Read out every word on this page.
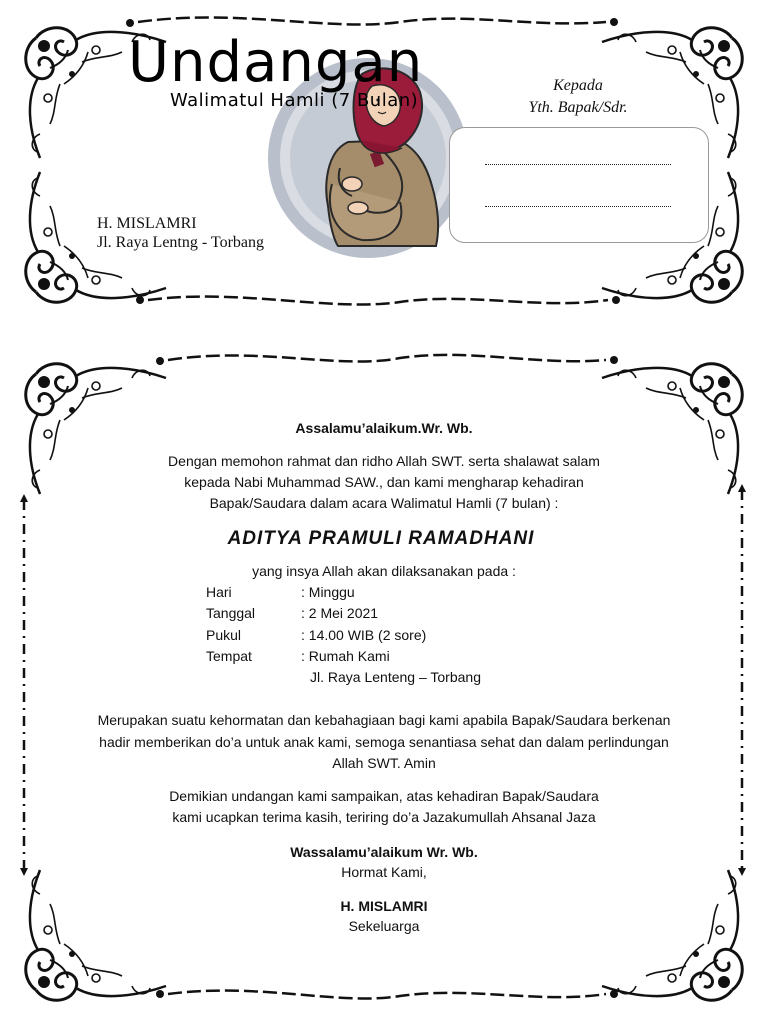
Undangan
Walimatul Hamli (7 Bulan)
H. MISLAMRI
Jl. Raya Lentng - Torbang
Kepada
Yth. Bapak/Sdr.
Assalamu’alaikum.Wr. Wb.
Dengan memohon rahmat dan ridho Allah SWT. serta shalawat salam
kepada Nabi Muhammad SAW., dan kami mengharap kehadiran
Bapak/Saudara dalam acara Walimatul Hamli (7 bulan) :
ADITYA PRAMULI RAMADHANI
yang insya Allah akan dilaksanakan pada :
Hari	: Minggu
Tanggal	: 2 Mei 2021
Pukul	: 14.00 WIB (2 sore)
Tempat	: Rumah Kami
Jl. Raya Lenteng – Torbang
Merupakan suatu kehormatan dan kebahagiaan bagi kami apabila Bapak/Saudara berkenan
hadir memberikan do’a untuk anak kami, semoga senantiasa sehat dan dalam perlindungan
Allah SWT. Amin
Demikian undangan kami sampaikan, atas kehadiran Bapak/Saudara
kami ucapkan terima kasih, teriring do’a Jazakumullah Ahsanal Jaza
Wassalamu’alaikum Wr. Wb.
Hormat Kami,
H. MISLAMRI
Sekeluarga
